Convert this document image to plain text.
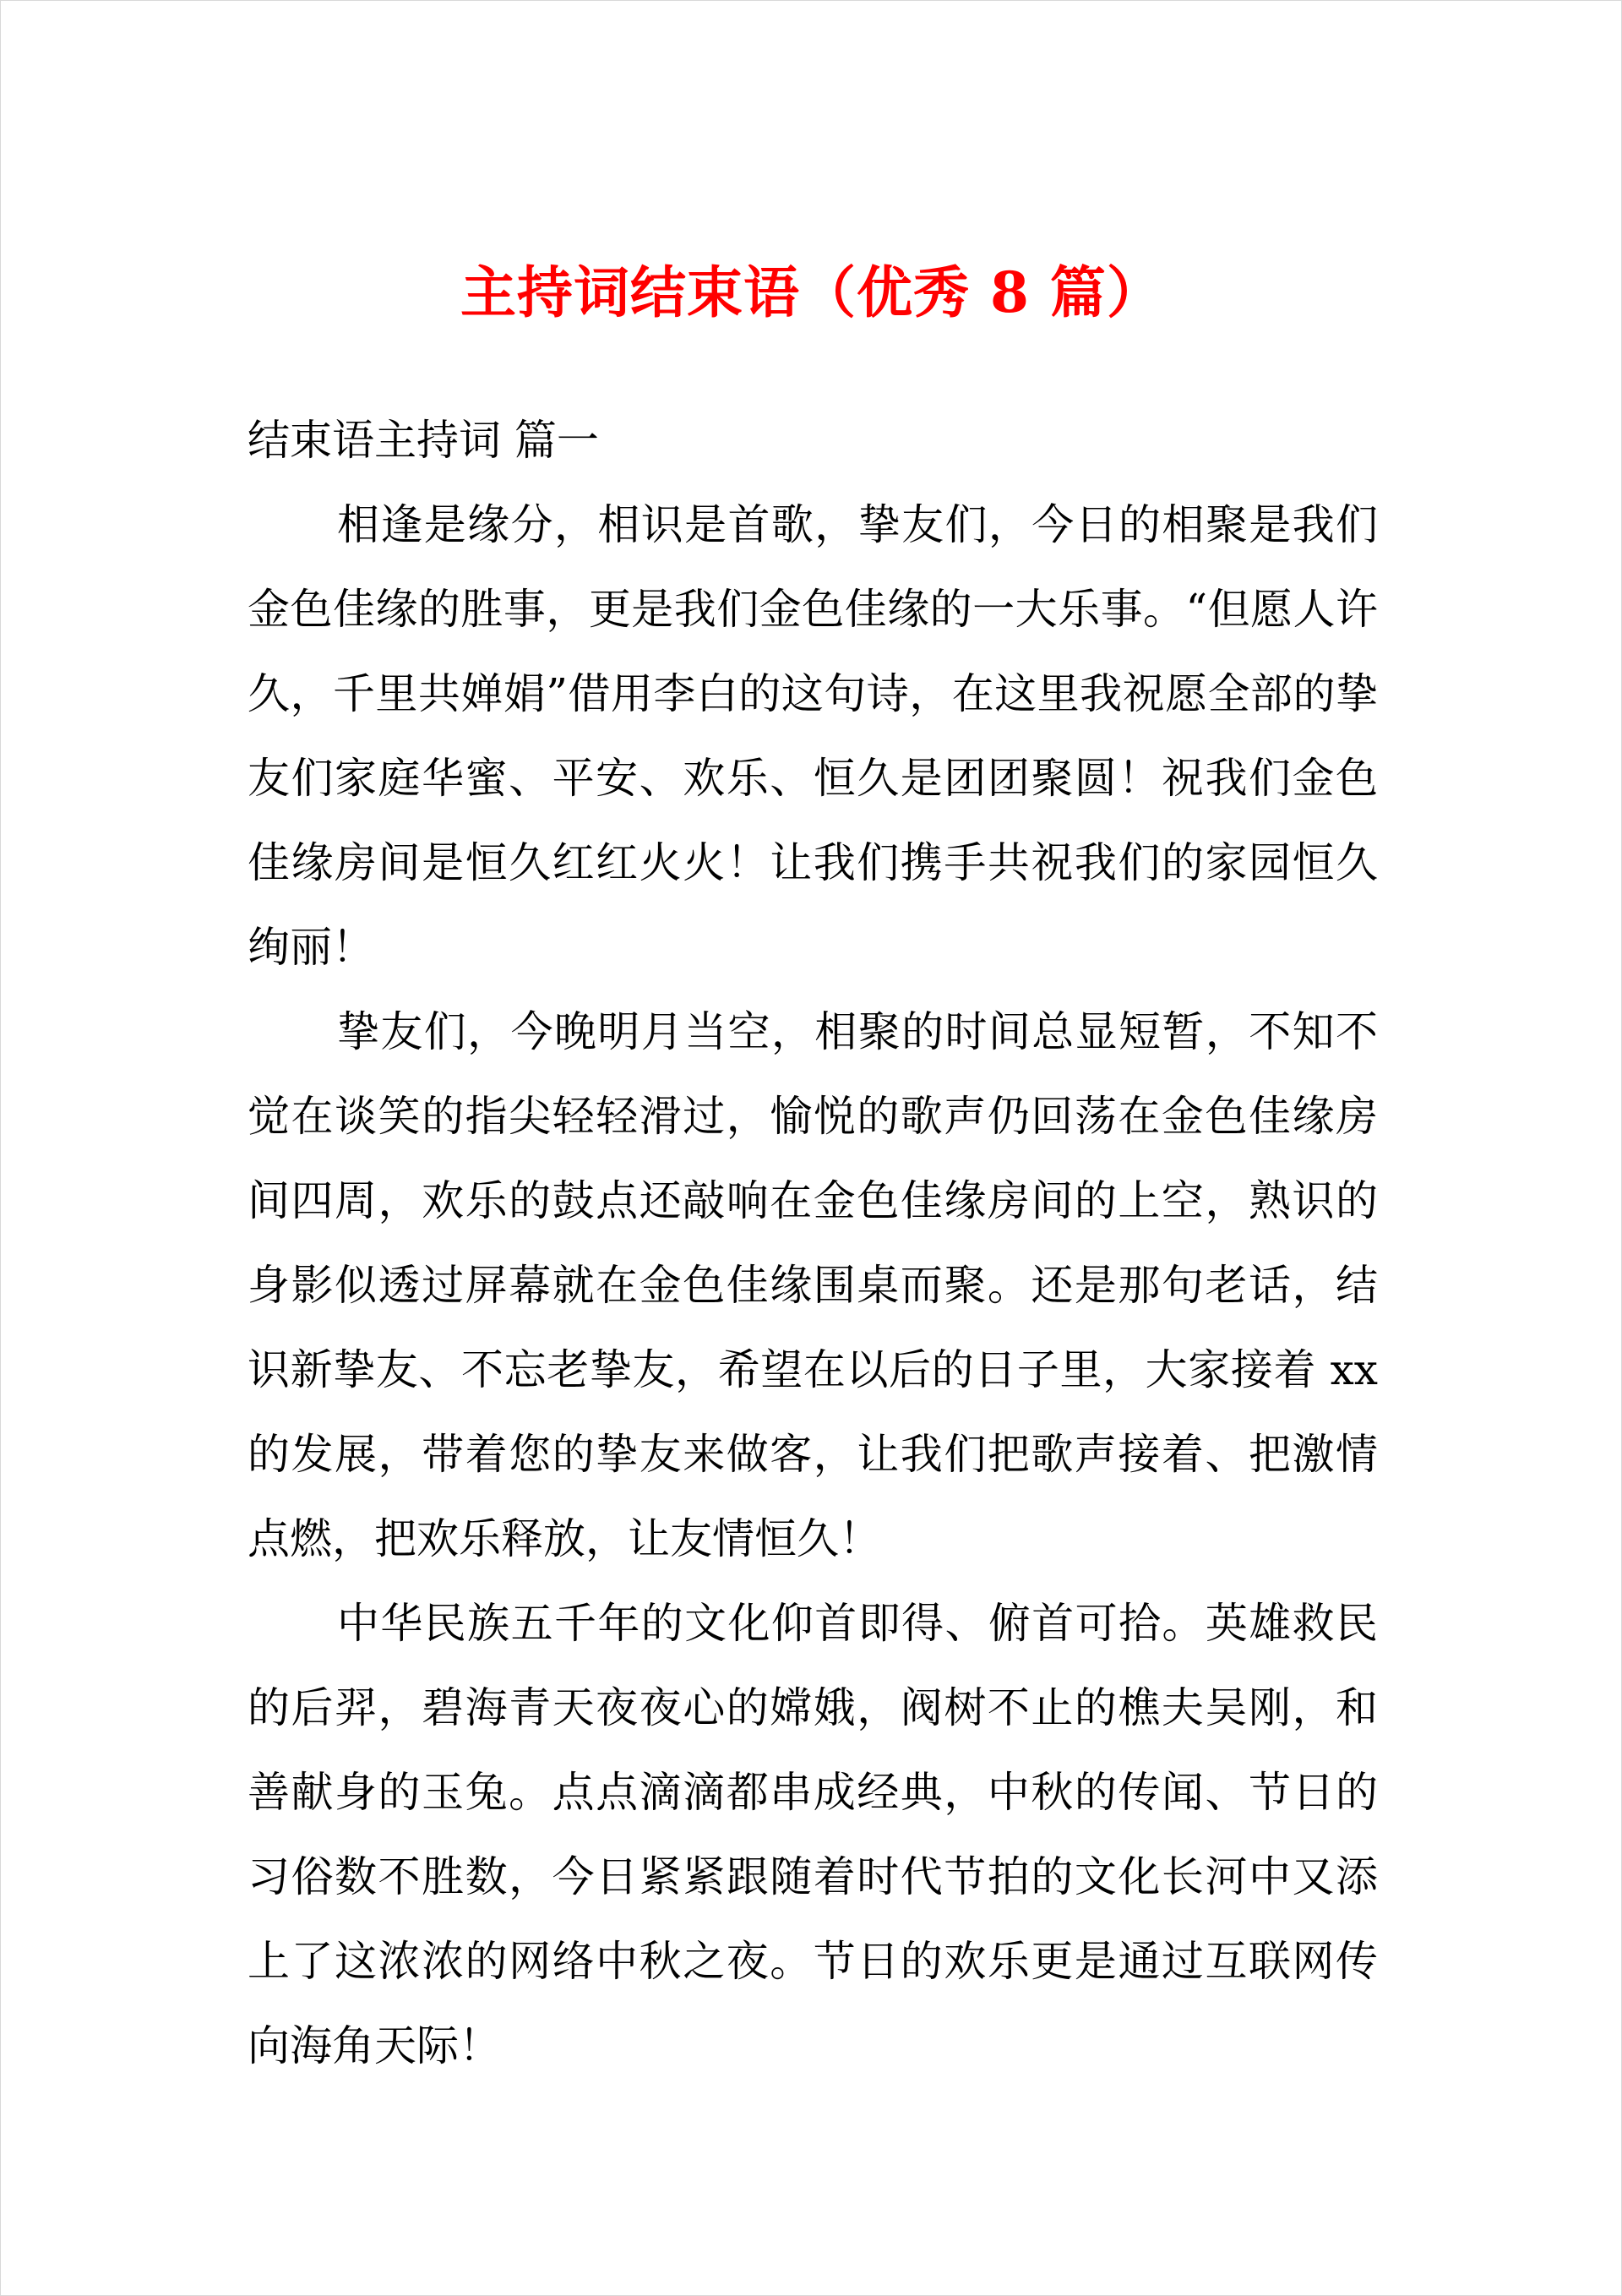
主持词结束语（优秀 8 篇）

结束语主持词 篇一

相逢是缘分，相识是首歌，挚友们，今日的相聚是我们金色佳缘的胜事，更是我们金色佳缘的一大乐事。“但愿人许久，千里共婵娟”借用李白的这句诗，在这里我祝愿全部的挚友们家庭华蜜、平安、欢乐、恒久是团团聚圆！祝我们金色佳缘房间是恒久红红火火！让我们携手共祝我们的家园恒久绚丽！

挚友们，今晚明月当空，相聚的时间总显短暂，不知不觉在谈笑的指尖轻轻滑过，愉悦的歌声仍回荡在金色佳缘房间四周，欢乐的鼓点还敲响在金色佳缘房间的上空，熟识的身影似透过屏幕就在金色佳缘围桌而聚。还是那句老话，结识新挚友、不忘老挚友，希望在以后的日子里，大家接着 xx 的发展，带着您的挚友来做客，让我们把歌声接着、把激情点燃，把欢乐释放，让友情恒久！

中华民族五千年的文化仰首即得、俯首可拾。英雄救民的后羿，碧海青天夜夜心的嫦娥，阀树不止的樵夫吴刚，和善献身的玉兔。点点滴滴都串成经典，中秋的传闻、节日的习俗数不胜数，今日紧紧跟随着时代节拍的文化长河中又添上了这浓浓的网络中秋之夜。节日的欢乐更是通过互联网传向海角天际！
